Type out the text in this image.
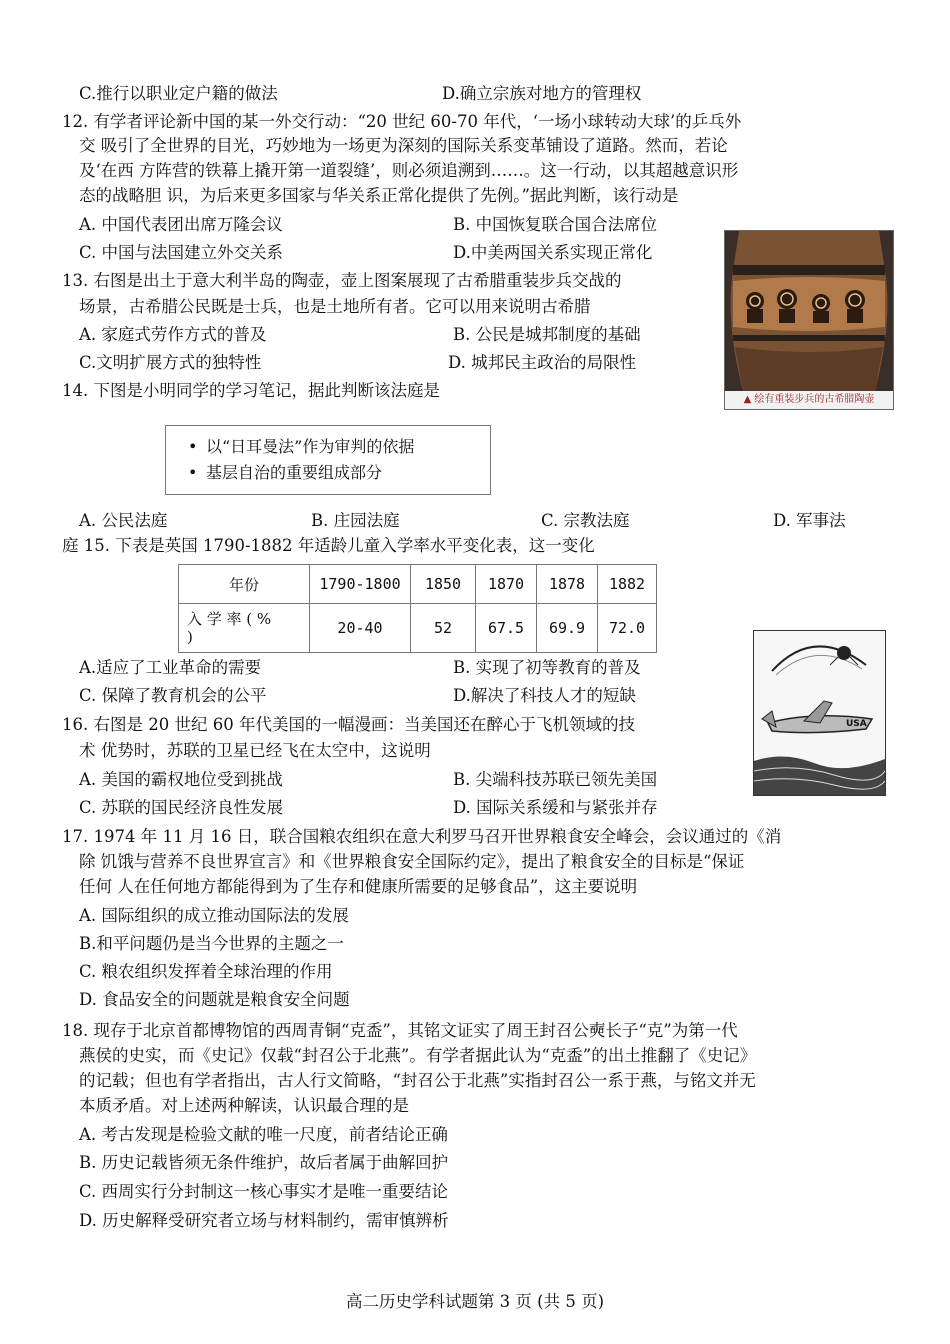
C.推行以职业定户籍的做法	D.确立宗族对地方的管理权
12. 有学者评论新中国的某一外交行动：“20 世纪 60-70 年代，‘一场小球转动大球’的乒乓外
交 吸引了全世界的目光，巧妙地为一场更为深刻的国际关系变革铺设了道路。然而，若论
及‘在西 方阵营的铁幕上撬开第一道裂缝’，则必须追溯到……。这一行动，以其超越意识形
态的战略胆 识，为后来更多国家与华关系正常化提供了先例。”据此判断，该行动是
A. 中国代表团出席万隆会议	B. 中国恢复联合国合法席位
C. 中国与法国建立外交关系	D.中美两国关系实现正常化
▲ 绘有重装步兵的古希腊陶壶
13. 右图是出土于意大利半岛的陶壶，壶上图案展现了古希腊重装步兵交战的
场景，古希腊公民既是士兵，也是土地所有者。它可以用来说明古希腊
A. 家庭式劳作方式的普及	B. 公民是城邦制度的基础
C.文明扩展方式的独特性	D. 城邦民主政治的局限性
14. 下图是小明同学的学习笔记，据此判断该法庭是
• 以“日耳曼法”作为审判的依据
• 基层自治的重要组成部分
A. 公民法庭	B. 庄园法庭	C. 宗教法庭	D. 军事法
庭 15. 下表是英国 1790-1882 年适龄儿童入学率水平变化表，这一变化
年份	1790-1800	1850	1870	1878	1882

入 学 率 ( %
)	20-40	52	67.5	69.9	72.0
A.适应了工业革命的需要	B. 实现了初等教育的普及
C. 保障了教育机会的公平	D.解决了科技人才的短缺
USA
16. 右图是 20 世纪 60 年代美国的一幅漫画：当美国还在醉心于飞机领域的技
术 优势时，苏联的卫星已经飞在太空中，这说明
A. 美国的霸权地位受到挑战	B. 尖端科技苏联已领先美国
C. 苏联的国民经济良性发展	D. 国际关系缓和与紧张并存
17. 1974 年 11 月 16 日，联合国粮农组织在意大利罗马召开世界粮食安全峰会，会议通过的《消
除 饥饿与营养不良世界宣言》和《世界粮食安全国际约定》，提出了粮食安全的目标是“保证
任何 人在任何地方都能得到为了生存和健康所需要的足够食品”，这主要说明
A. 国际组织的成立推动国际法的发展
B.和平问题仍是当今世界的主题之一
C. 粮农组织发挥着全球治理的作用
D. 食品安全的问题就是粮食安全问题
18. 现存于北京首都博物馆的西周青铜“克盉”，其铭文证实了周王封召公奭长子“克”为第一代
燕侯的史实，而《史记》仅载“封召公于北燕”。有学者据此认为“克盉”的出土推翻了《史记》
的记载；但也有学者指出，古人行文简略，“封召公于北燕”实指封召公一系于燕，与铭文并无
本质矛盾。对上述两种解读，认识最合理的是
A. 考古发现是检验文献的唯一尺度，前者结论正确
B. 历史记载皆须无条件维护，故后者属于曲解回护
C. 西周实行分封制这一核心事实才是唯一重要结论
D. 历史解释受研究者立场与材料制约，需审慎辨析
高二历史学科试题第 3 页 (共 5 页)
